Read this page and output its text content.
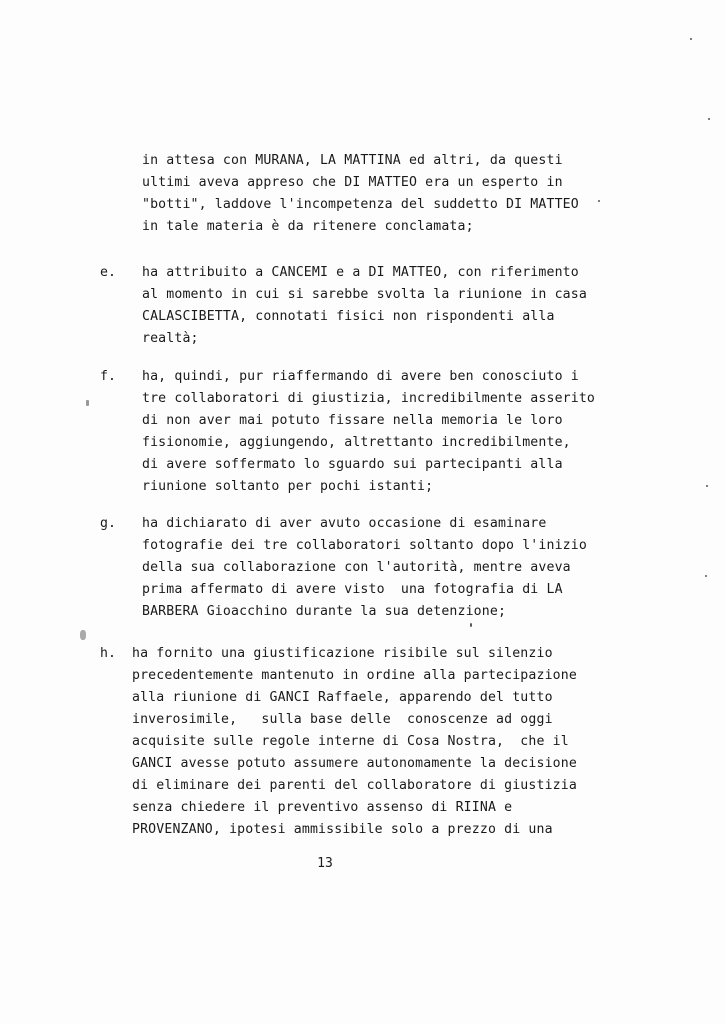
in attesa con MURANA, LA MATTINA ed altri, da questi
ultimi aveva appreso che DI MATTEO era un esperto in
"botti", laddove l'incompetenza del suddetto DI MATTEO
in tale materia è da ritenere conclamata;
e. ha attribuito a CANCEMI e a DI MATTEO, con riferimento
al momento in cui si sarebbe svolta la riunione in casa
CALASCIBETTA, connotati fisici non rispondenti alla
realtà;
f. ha, quindi, pur riaffermando di avere ben conosciuto i
tre collaboratori di giustizia, incredibilmente asserito
di non aver mai potuto fissare nella memoria le loro
fisionomie, aggiungendo, altrettanto incredibilmente,
di avere soffermato lo sguardo sui partecipanti alla
riunione soltanto per pochi istanti;
g. ha dichiarato di aver avuto occasione di esaminare
fotografie dei tre collaboratori soltanto dopo l'inizio
della sua collaborazione con l'autorità, mentre aveva
prima affermato di avere visto  una fotografia di LA
BARBERA Gioacchino durante la sua detenzione;
h. ha fornito una giustificazione risibile sul silenzio
precedentemente mantenuto in ordine alla partecipazione
alla riunione di GANCI Raffaele, apparendo del tutto
inverosimile,   sulla base delle  conoscenze ad oggi
acquisite sulle regole interne di Cosa Nostra,  che il
GANCI avesse potuto assumere autonomamente la decisione
di eliminare dei parenti del collaboratore di giustizia
senza chiedere il preventivo assenso di RIINA e
PROVENZANO, ipotesi ammissibile solo a prezzo di una
13
